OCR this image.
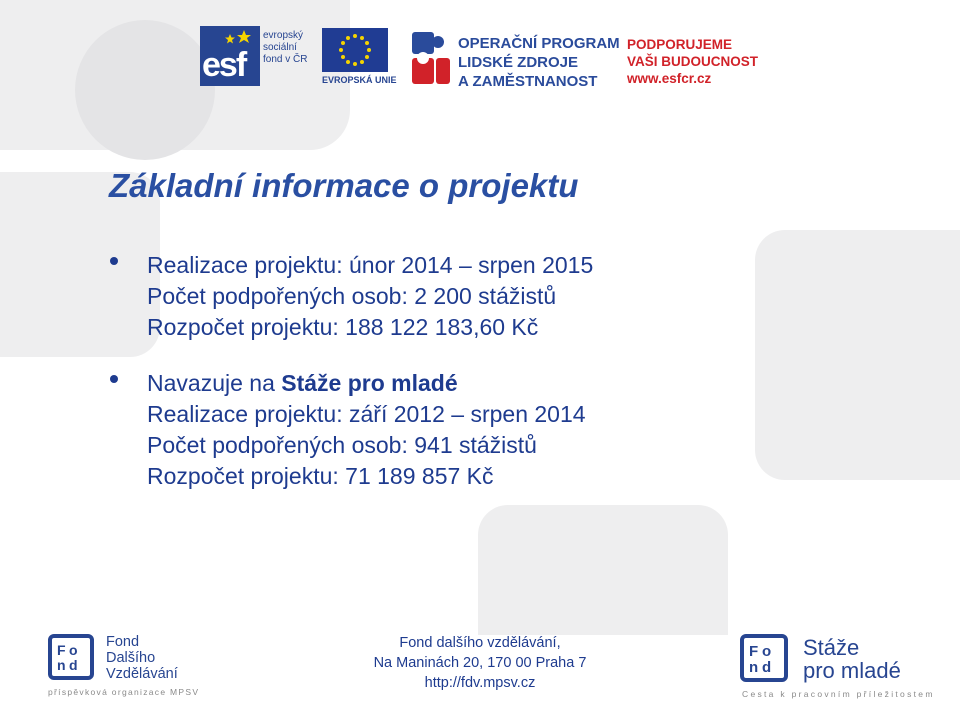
esf
evropský
sociální
fond v ČR
EVROPSKÁ UNIE
OPERAČNÍ PROGRAM
LIDSKÉ ZDROJE
A ZAMĚSTNANOST
PODPORUJEME
VAŠI BUDOUCNOST
www.esfcr.cz
Základní informace o projektu
Realizace projektu: únor 2014 – srpen 2015
Počet podpořených osob: 2 200 stážistů
Rozpočet projektu: 188 122 183,60 Kč
Navazuje na Stáže pro mladé
Realizace projektu: září 2012 – srpen 2014
Počet podpořených osob: 941 stážistů
Rozpočet projektu: 71 189 857 Kč
F o
n d
Fond
Dalšího
Vzdělávání
příspěvková organizace MPSV
Fond dalšího vzdělávání,
Na Maninách 20, 170 00 Praha 7
http://fdv.mpsv.cz
F o
n d
Stáže
pro mladé
Cesta k pracovním příležitostem
